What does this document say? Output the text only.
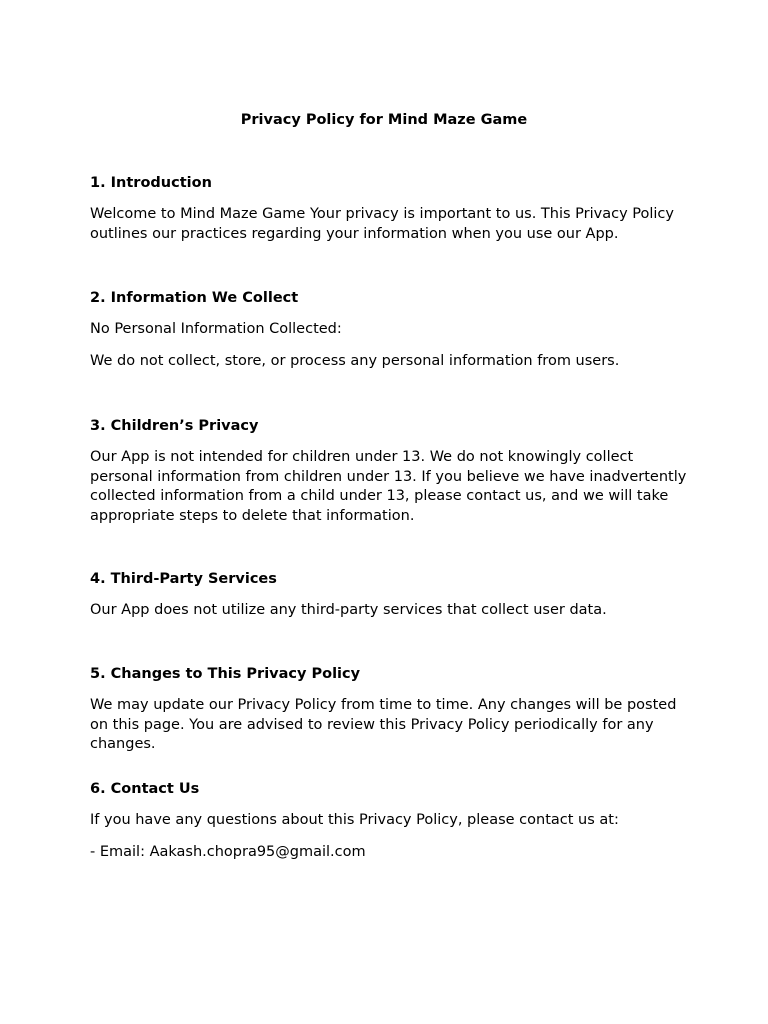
Privacy Policy for Mind Maze Game
1. Introduction

Welcome to Mind Maze Game Your privacy is important to us. This Privacy Policy outlines our practices regarding your information when you use our App.

2. Information We Collect

No Personal Information Collected:

We do not collect, store, or process any personal information from users.

3. Children’s Privacy

Our App is not intended for children under 13. We do not knowingly collect personal information from children under 13. If you believe we have inadvertently collected information from a child under 13, please contact us, and we will take appropriate steps to delete that information.

4. Third-Party Services

Our App does not utilize any third-party services that collect user data.

5. Changes to This Privacy Policy

We may update our Privacy Policy from time to time. Any changes will be posted on this page. You are advised to review this Privacy Policy periodically for any changes.

6. Contact Us

If you have any questions about this Privacy Policy, please contact us at:

- Email: Aakash.chopra95@gmail.com
